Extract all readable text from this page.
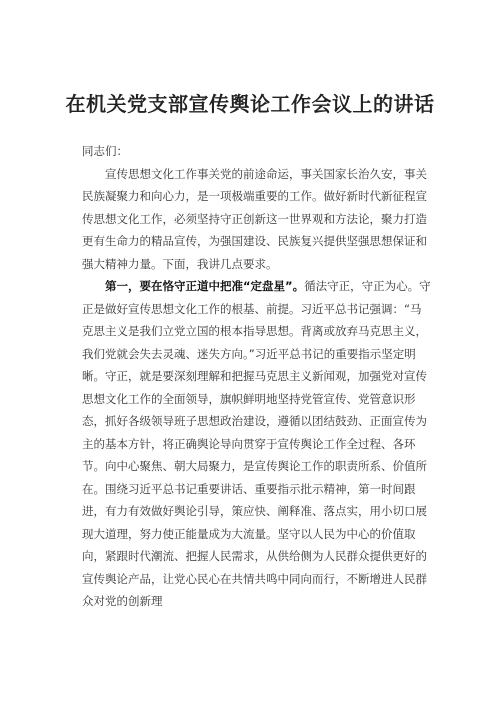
在机关党支部宣传舆论工作会议上的讲话

同志们：

宣传思想文化工作事关党的前途命运，事关国家长治久安，事关民族凝聚力和向心力，是一项极端重要的工作。做好新时代新征程宣传思想文化工作，必须坚持守正创新这一世界观和方法论，聚力打造更有生命力的精品宣传，为强国建设、民族复兴提供坚强思想保证和强大精神力量。下面，我讲几点要求。

第一，要在恪守正道中把准“定盘星”。循法守正，守正为心。守正是做好宣传思想文化工作的根基、前提。习近平总书记强调：“马克思主义是我们立党立国的根本指导思想。背离或放弃马克思主义，我们党就会失去灵魂、迷失方向。”习近平总书记的重要指示坚定明晰。守正，就是要深刻理解和把握马克思主义新闻观，加强党对宣传思想文化工作的全面领导，旗帜鲜明地坚持党管宣传、党管意识形态，抓好各级领导班子思想政治建设，遵循以团结鼓劲、正面宣传为主的基本方针，将正确舆论导向贯穿于宣传舆论工作全过程、各环节。向中心聚焦、朝大局聚力，是宣传舆论工作的职责所系、价值所在。围绕习近平总书记重要讲话、重要指示批示精神，第一时间跟进，有力有效做好舆论引导，策应快、阐释准、落点实，用小切口展现大道理，努力使正能量成为大流量。坚守以人民为中心的价值取向，紧跟时代潮流、把握人民需求，从供给侧为人民群众提供更好的宣传舆论产品，让党心民心在共情共鸣中同向而行，不断增进人民群众对党的创新理
